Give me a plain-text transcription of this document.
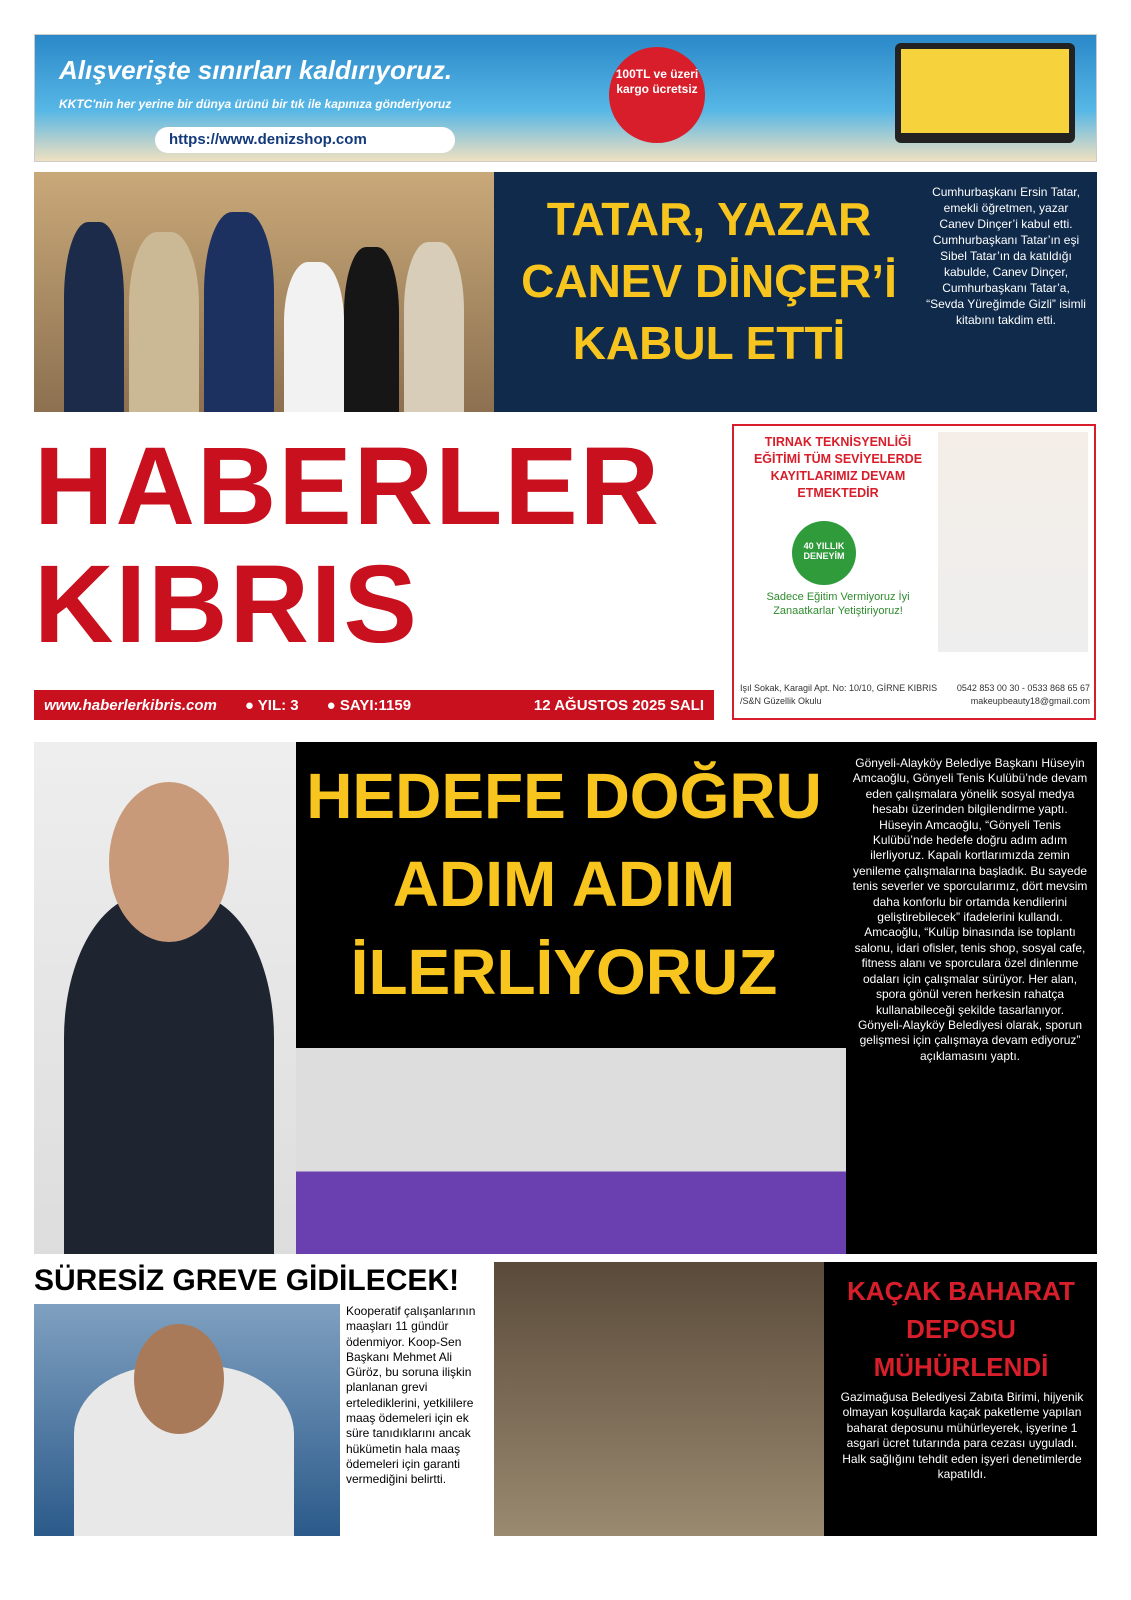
Alışverişte sınırları kaldırıyoruz.
KKTC'nin her yerine bir dünya ürünü bir tık ile kapınıza gönderiyoruz
https://www.denizshop.com
100TL ve üzeri kargo ücretsiz
TATAR, YAZAR CANEV DİNÇER’İ KABUL ETTİ
Cumhurbaşkanı Ersin Tatar, emekli öğretmen, yazar Canev Dinçer’i kabul etti. Cumhurbaşkanı Tatar’ın eşi Sibel Tatar’ın da katıldığı kabulde, Canev Dinçer, Cumhurbaşkanı Tatar’a, “Sevda Yüreğimde Gizli” isimli kitabını takdim etti.
HABERLER
KIBRIS
www.haberlerkibris.com ● YIL: 3 ● SAYI:1159	12 AĞUSTOS 2025 SALI
TIRNAK TEKNİSYENLİĞİ EĞİTİMİ TÜM SEVİYELERDE KAYITLARIMIZ DEVAM ETMEKTEDİR
40 YILLIK DENEYİM
Sadece Eğitim Vermiyoruz İyi Zanaatkarlar Yetiştiriyoruz!
Işıl Sokak, Karagil Apt. No: 10/10, GİRNE KIBRIS
/S&N Güzellik Okulu
0542 853 00 30 - 0533 868 65 67
makeupbeauty18@gmail.com
HEDEFE DOĞRU ADIM ADIM İLERLİYORUZ
Gönyeli-Alayköy Belediye Başkanı Hüseyin Amcaoğlu, Gönyeli Tenis Kulübü’nde devam eden çalışmalara yönelik sosyal medya hesabı üzerinden bilgilendirme yaptı. Hüseyin Amcaoğlu, “Gönyeli Tenis Kulübü’nde hedefe doğru adım adım ilerliyoruz. Kapalı kortlarımızda zemin yenileme çalışmalarına başladık. Bu sayede tenis severler ve sporcularımız, dört mevsim daha konforlu bir ortamda kendilerini geliştirebilecek” ifadelerini kullandı. Amcaoğlu, “Kulüp binasında ise toplantı salonu, idari ofisler, tenis shop, sosyal cafe, fitness alanı ve sporculara özel dinlenme odaları için çalışmalar sürüyor. Her alan, spora gönül veren herkesin rahatça kullanabileceği şekilde tasarlanıyor. Gönyeli-Alayköy Belediyesi olarak, sporun gelişmesi için çalışmaya devam ediyoruz” açıklamasını yaptı.
SÜRESİZ GREVE GİDİLECEK!
Kooperatif çalışanlarının maaşları 11 gündür ödenmiyor. Koop-Sen Başkanı Mehmet Ali Güröz, bu soruna ilişkin planlanan grevi ertelediklerini, yetkililere maaş ödemeleri için ek süre tanıdıklarını ancak hükümetin hala maaş ödemeleri için garanti vermediğini belirtti.
KAÇAK BAHARAT DEPOSU MÜHÜRLENDİ
Gazimağusa Belediyesi Zabıta Birimi, hijyenik olmayan koşullarda kaçak paketleme yapılan baharat deposunu mühürleyerek, işyerine 1 asgari ücret tutarında para cezası uyguladı. Halk sağlığını tehdit eden işyeri denetimlerde kapatıldı.
